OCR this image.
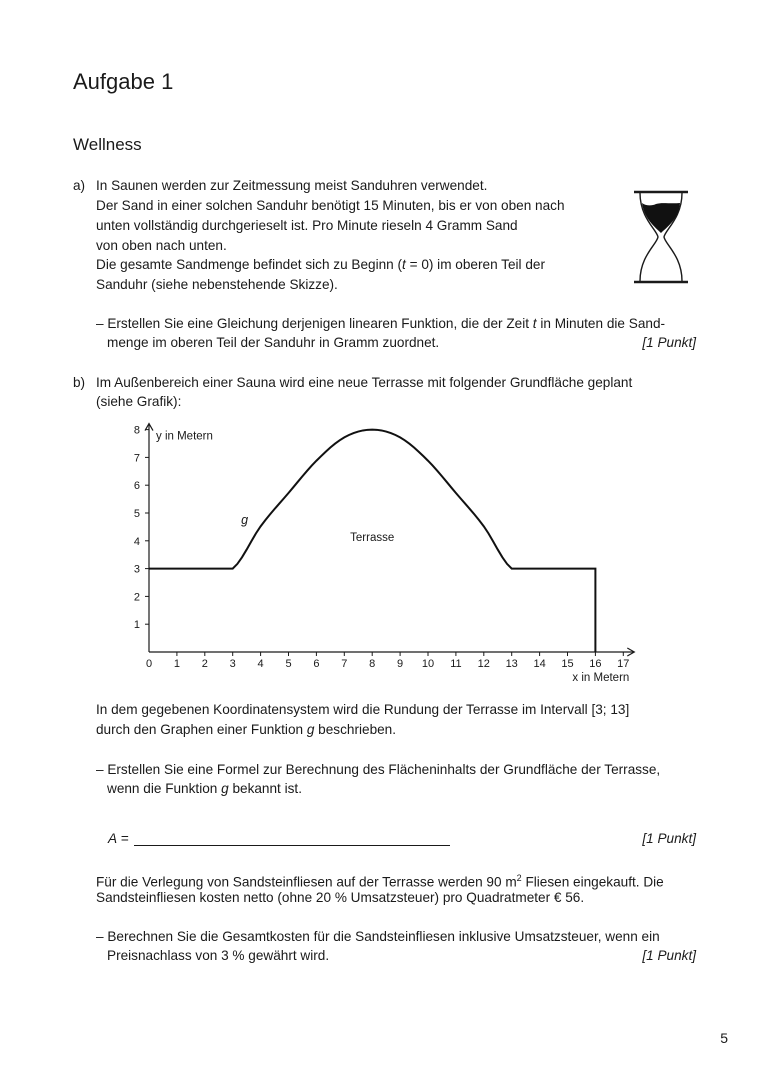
Aufgabe 1
Wellness
a) In Saunen werden zur Zeitmessung meist Sanduhren verwendet.
Der Sand in einer solchen Sanduhr benötigt 15 Minuten, bis er von oben nach
unten vollständig durchgerieselt ist. Pro Minute rieseln 4 Gramm Sand
von oben nach unten.
Die gesamte Sandmenge befindet sich zu Beginn (t = 0) im oberen Teil der
Sanduhr (siehe nebenstehende Skizze).
– Erstellen Sie eine Gleichung derjenigen linearen Funktion, die der Zeit t in Minuten die Sand-
menge im oberen Teil der Sanduhr in Gramm zuordnet.	[1 Punkt]
b) Im Außenbereich einer Sauna wird eine neue Terrasse mit folgender Grundfläche geplant
(siehe Grafik):
0 1 2 3 4 5 6 7 8 9 10 11 12 13 14 15 16 17
1
2
3
4
5
6
7
8 y in Metern
x in Metern
Terrasse
g
In dem gegebenen Koordinatensystem wird die Rundung der Terrasse im Intervall [3; 13]
durch den Graphen einer Funktion g beschrieben.
– Erstellen Sie eine Formel zur Berechnung des Flächeninhalts der Grundfläche der Terrasse,
wenn die Funktion g bekannt ist.
A =	[1 Punkt]
Für die Verlegung von Sandsteinfliesen auf der Terrasse werden 90 $m^2$ Fliesen eingekauft. Die
Sandsteinfliesen kosten netto (ohne 20 % Umsatzsteuer) pro Quadratmeter € 56.
– Berechnen Sie die Gesamtkosten für die Sandsteinfliesen inklusive Umsatzsteuer, wenn ein
Preisnachlass von 3 % gewährt wird.	[1 Punkt]
5
